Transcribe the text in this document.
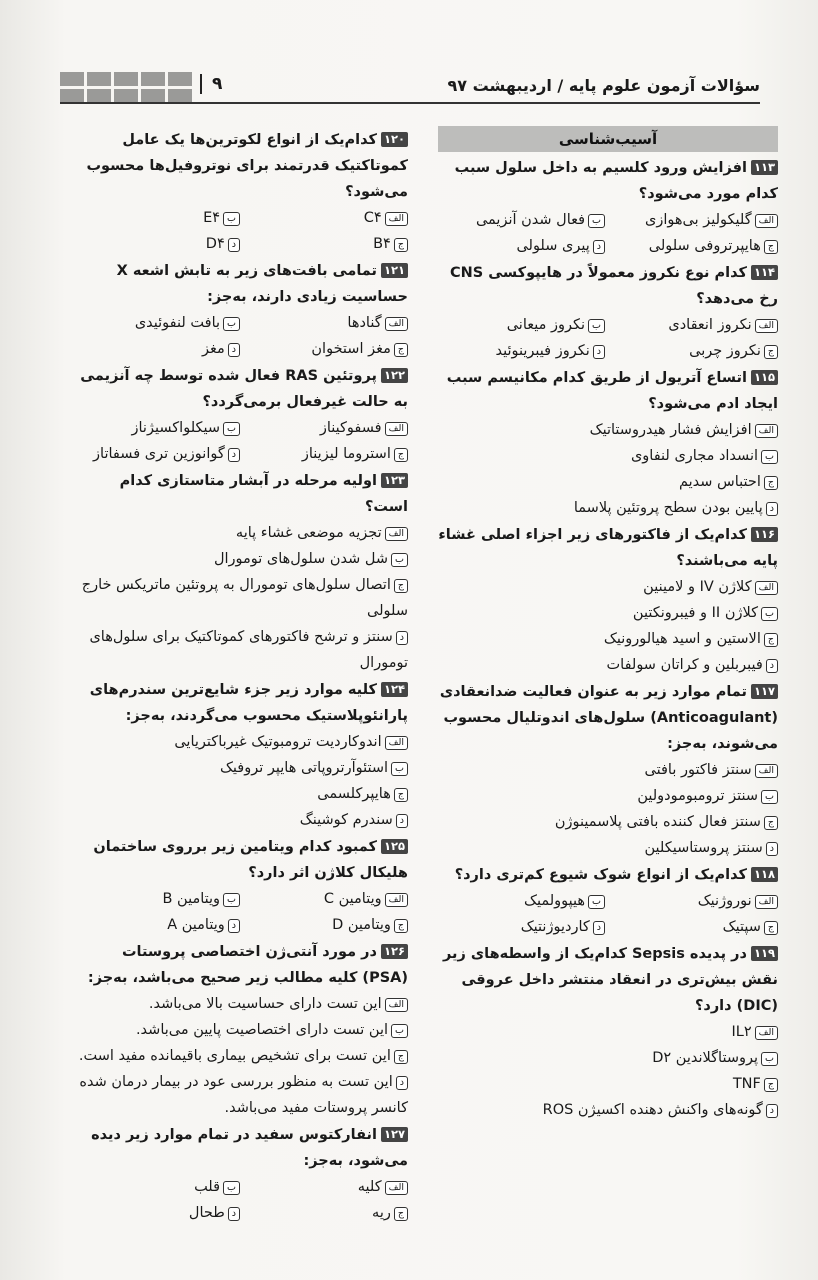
۹	سؤالات آزمون علوم پایه / اردیبهشت ۹۷
آسیب‌شناسی
۱۱۳افزایش ورود کلسیم به داخل سلول سبب کدام مورد می‌شود؟
الفگلیکولیز بی‌هوازی
بفعال شدن آنزیمی
جهایپرتروفی سلولی
دپیری سلولی
۱۱۴کدام نوع نکروز معمولاً در هایپوکسی CNS رخ می‌دهد؟
الفنکروز انعقادی
بنکروز میعانی
جنکروز چربی
دنکروز فیبرینوئید
۱۱۵اتساع آتریول از طریق کدام مکانیسم سبب ایجاد ادم می‌شود؟
الفافزایش فشار هیدروستاتیک
بانسداد مجاری لنفاوی
جاحتباس سدیم
دپایین بودن سطح پروتئین پلاسما
۱۱۶کدام‌یک از فاکتورهای زیر اجزاء اصلی غشاء پایه می‌باشند؟
الفکلاژن IV و لامینین
بکلاژن II و فیبرونکتین
جالاستین و اسید هیالورونیک
دفیبربلین و کراتان سولفات
۱۱۷تمام موارد زیر به عنوان فعالیت ضدانعقادی (Anticoagulant) سلول‌های اندوتلیال محسوب می‌شوند، به‌جز:
الفسنتز فاکتور بافتی
بسنتز ترومبومودولین
جسنتز فعال کننده بافتی پلاسمینوژن
دسنتز پروستاسیکلین
۱۱۸کدام‌یک از انواع شوک شیوع کم‌تری دارد؟
الفنوروژنیک
بهیپوولمیک
جسپتیک
دکاردیوژنتیک
۱۱۹در پدیده Sepsis کدام‌یک از واسطه‌های زیر نقش بیش‌تری در انعقاد منتشر داخل عروقی (DIC) دارد؟
الفIL۲
بپروستاگلاندین D۲
جTNF
دگونه‌های واکنش دهنده اکسیژن ROS
۱۲۰کدام‌یک از انواع لکوترین‌ها یک عامل کموتاکتیک قدرتمند برای نوتروفیل‌ها محسوب می‌شود؟
الفC۴
بE۴
جB۴
دD۴
۱۲۱تمامی بافت‌های زیر به تابش اشعه X حساسیت زیادی دارند، به‌جز:
الفگنادها
ببافت لنفوئیدی
جمغز استخوان
دمغز
۱۲۲پروتئین RAS فعال شده توسط چه آنزیمی به حالت غیرفعال برمی‌گردد؟
الففسفوکیناز
بسیکلواکسیژناز
جاستروما لیزیناز
دگوانوزین تری فسفاتاز
۱۲۳اولیه مرحله در آبشار متاستازی کدام است؟
الفتجزیه موضعی غشاء پایه
بشل شدن سلول‌های تومورال
جاتصال سلول‌های تومورال به پروتئین ماتریکس خارج سلولی
دسنتز و ترشح فاکتورهای کموتاکتیک برای سلول‌های تومورال
۱۲۴کلیه موارد زیر جزء شایع‌ترین سندرم‌های پارانئوپلاستیک محسوب می‌گردند، به‌جز:
الفاندوکاردیت ترومبوتیک غیرباکتریایی
باستئوآرتروپاتی هایپر تروفیک
جهایپرکلسمی
دسندرم کوشینگ
۱۲۵کمبود کدام ویتامین زیر برروی ساختمان هلیکال کلاژن اثر دارد؟
الفویتامین C
بویتامین B
جویتامین D
دویتامین A
۱۲۶در مورد آنتی‌ژن اختصاصی پروستات (PSA) کلیه مطالب زیر صحیح می‌باشد، به‌جز:
الفاین تست دارای حساسیت بالا می‌باشد.
باین تست دارای اختصاصیت پایین می‌باشد.
جاین تست برای تشخیص بیماری باقیمانده مفید است.
داین تست به منظور بررسی عود در بیمار درمان شده کانسر پروستات مفید می‌باشد.
۱۲۷انفارکتوس سفید در تمام موارد زیر دیده می‌شود، به‌جز:
الفکلیه
بقلب
جریه
دطحال
